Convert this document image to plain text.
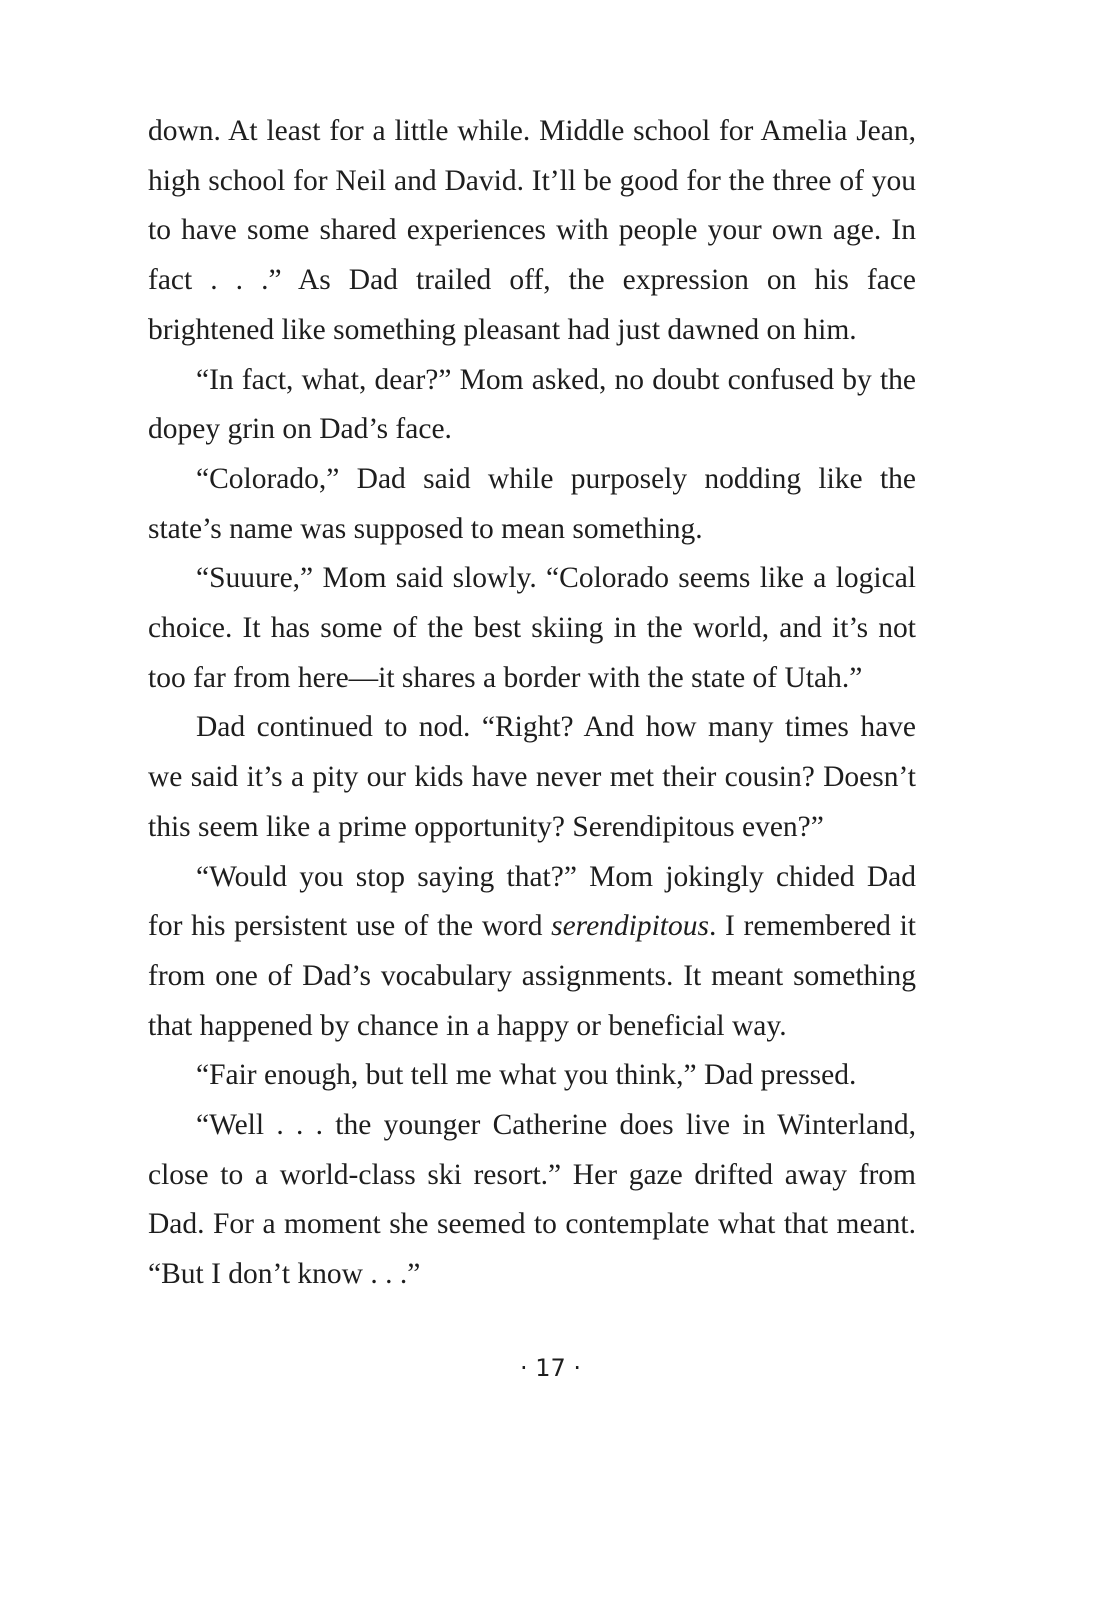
down. At least for a little while. Middle school for Amelia Jean, high school for Neil and David. It’ll be good for the three of you to have some shared experiences with people your own age. In fact . . .” As Dad trailed off, the expression on his face brightened like something pleasant had just dawned on him.

“In fact, what, dear?” Mom asked, no doubt confused by the dopey grin on Dad’s face.

“Colorado,” Dad said while purposely nodding like the state’s name was supposed to mean something.

“Suuure,” Mom said slowly. “Colorado seems like a logical choice. It has some of the best skiing in the world, and it’s not too far from here—it shares a border with the state of Utah.”

Dad continued to nod. “Right? And how many times have we said it’s a pity our kids have never met their cousin? Doesn’t this seem like a prime opportunity? Serendipitous even?”

“Would you stop saying that?” Mom jokingly chided Dad for his persistent use of the word serendipitous. I remembered it from one of Dad’s vocabulary assignments. It meant something that happened by chance in a happy or beneficial way.

“Fair enough, but tell me what you think,” Dad pressed.

“Well . . . the younger Catherine does live in Winterland, close to a world-class ski resort.” Her gaze drifted away from Dad. For a moment she seemed to contemplate what that meant. “But I don’t know . . .”

· 17 ·
